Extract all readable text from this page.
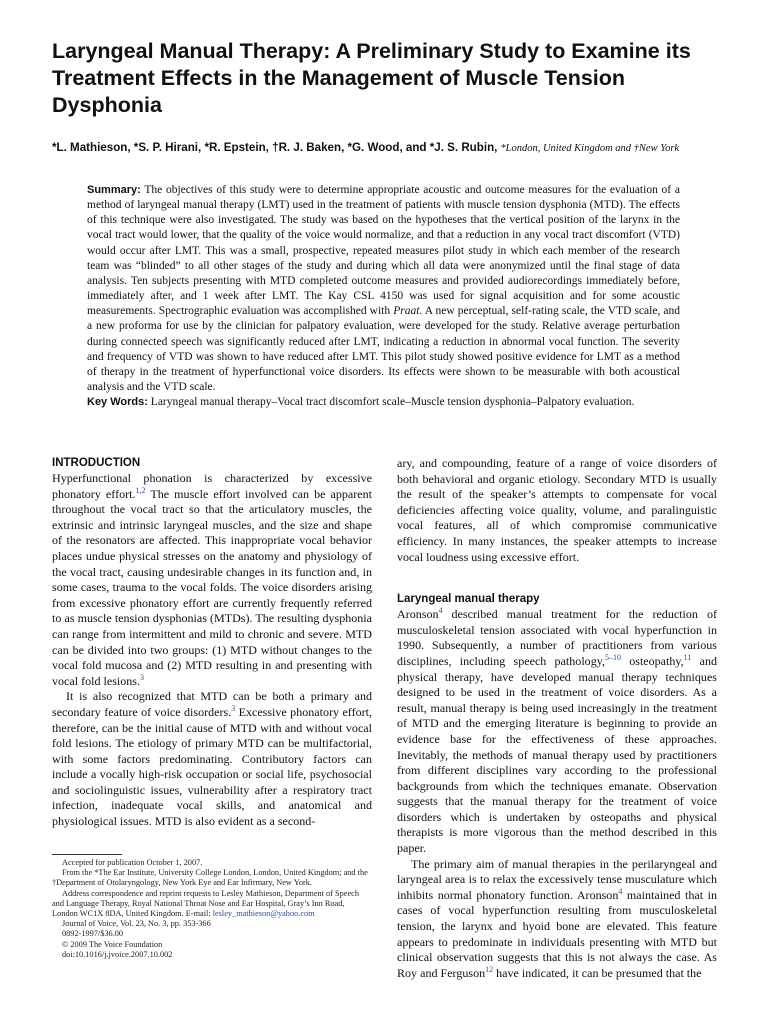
Laryngeal Manual Therapy: A Preliminary Study to Examine its Treatment Effects in the Management of Muscle Tension Dysphonia
*L. Mathieson, *S. P. Hirani, *R. Epstein, †R. J. Baken, *G. Wood, and *J. S. Rubin, *London, United Kingdom and †New York

Summary: The objectives of this study were to determine appropriate acoustic and outcome measures for the evaluation of a method of laryngeal manual therapy (LMT) used in the treatment of patients with muscle tension dysphonia (MTD). The effects of this technique were also investigated. The study was based on the hypotheses that the vertical position of the larynx in the vocal tract would lower, that the quality of the voice would normalize, and that a reduction in any vocal tract discomfort (VTD) would occur after LMT. This was a small, prospective, repeated measures pilot study in which each member of the research team was “blinded” to all other stages of the study and during which all data were anonymized until the final stage of data analysis. Ten subjects presenting with MTD completed outcome measures and provided audiorecordings immediately before, immediately after, and 1 week after LMT. The Kay CSL 4150 was used for signal acquisition and for some acoustic measurements. Spectrographic evaluation was accomplished with Praat. A new perceptual, self-rating scale, the VTD scale, and a new proforma for use by the clinician for palpatory evaluation, were developed for the study. Relative average perturbation during connected speech was significantly reduced after LMT, indicating a reduction in abnormal vocal function. The severity and frequency of VTD was shown to have reduced after LMT. This pilot study showed positive evidence for LMT as a method of therapy in the treatment of hyperfunctional voice disorders. Its effects were shown to be measurable with both acoustical analysis and the VTD scale.

Key Words: Laryngeal manual therapy–Vocal tract discomfort scale–Muscle tension dysphonia–Palpatory evaluation.

INTRODUCTION

Hyperfunctional phonation is characterized by excessive phonatory effort.$^{1,2}$ The muscle effort involved can be apparent throughout the vocal tract so that the articulatory muscles, the extrinsic and intrinsic laryngeal muscles, and the size and shape of the resonators are affected. This inappropriate vocal behavior places undue physical stresses on the anatomy and physiology of the vocal tract, causing undesirable changes in its function and, in some cases, trauma to the vocal folds. The voice disorders arising from excessive phonatory effort are currently frequently referred to as muscle tension dysphonias (MTDs). The resulting dysphonia can range from intermittent and mild to chronic and severe. MTD can be divided into two groups: (1) MTD without changes to the vocal fold mucosa and (2) MTD resulting in and presenting with vocal fold lesions.$^3$

It is also recognized that MTD can be both a primary and secondary feature of voice disorders.$^3$ Excessive phonatory effort, therefore, can be the initial cause of MTD with and without vocal fold lesions. The etiology of primary MTD can be multifactorial, with some factors predominating. Contributory factors can include a vocally high-risk occupation or social life, psychosocial and sociolinguistic issues, vulnerability after a respiratory tract infection, inadequate vocal skills, and anatomical and physiological issues. MTD is also evident as a second-

ary, and compounding, feature of a range of voice disorders of both behavioral and organic etiology. Secondary MTD is usually the result of the speaker’s attempts to compensate for vocal deficiencies affecting voice quality, volume, and paralinguistic vocal features, all of which compromise communicative efficiency. In many instances, the speaker attempts to increase vocal loudness using excessive effort.

Laryngeal manual therapy

Aronson$^4$ described manual treatment for the reduction of musculoskeletal tension associated with vocal hyperfunction in 1990. Subsequently, a number of practitioners from various disciplines, including speech pathology,$^{5-10}$ osteopathy,$^{11}$ and physical therapy, have developed manual therapy techniques designed to be used in the treatment of voice disorders. As a result, manual therapy is being used increasingly in the treatment of MTD and the emerging literature is beginning to provide an evidence base for the effectiveness of these approaches. Inevitably, the methods of manual therapy used by practitioners from different disciplines vary according to the professional backgrounds from which the techniques emanate. Observation suggests that the manual therapy for the treatment of voice disorders which is undertaken by osteopaths and physical therapists is more vigorous than the method described in this paper.

The primary aim of manual therapies in the perilaryngeal and laryngeal area is to relax the excessively tense musculature which inhibits normal phonatory function. Aronson$^4$ maintained that in cases of vocal hyperfunction resulting from musculoskeletal tension, the larynx and hyoid bone are elevated. This feature appears to predominate in individuals presenting with MTD but clinical observation suggests that this is not always the case. As Roy and Ferguson$^{12}$ have indicated, it can be presumed that the

Accepted for publication October 1, 2007.

From the *The Ear Institute, University College London, London, United Kingdom; and the †Department of Otolaryngology, New York Eye and Ear Infirmary, New York.

Address correspondence and reprint requests to Lesley Mathieson, Department of Speech and Language Therapy, Royal National Throat Nose and Ear Hospital, Gray’s Inn Road, London WC1X 8DA, United Kingdom. E-mail: lesley_mathieson@yahoo.com

Journal of Voice, Vol. 23, No. 3, pp. 353-366

0892-1997/$36.00

© 2009 The Voice Foundation

doi:10.1016/j.jvoice.2007.10.002
